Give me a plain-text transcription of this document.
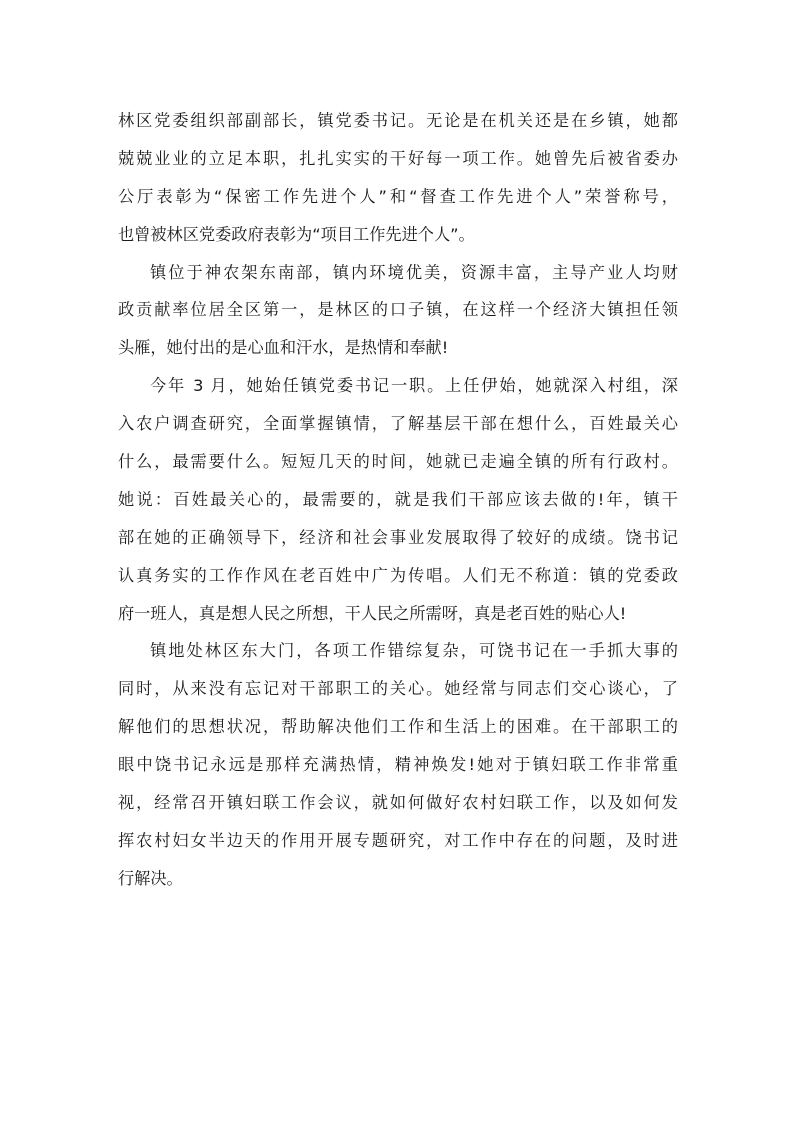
林区党委组织部副部长，镇党委书记。无论是在机关还是在乡镇，她都
兢兢业业的立足本职，扎扎实实的干好每一项工作。她曾先后被省委办
公厅表彰为“保密工作先进个人”和“督查工作先进个人”荣誉称号，
也曾被林区党委政府表彰为“项目工作先进个人”。
镇位于神农架东南部，镇内环境优美，资源丰富，主导产业人均财
政贡献率位居全区第一，是林区的口子镇，在这样一个经济大镇担任领
头雁，她付出的是心血和汗水，是热情和奉献!
今年 3 月，她始任镇党委书记一职。上任伊始，她就深入村组，深
入农户调查研究，全面掌握镇情，了解基层干部在想什么，百姓最关心
什么，最需要什么。短短几天的时间，她就已走遍全镇的所有行政村。
她说：百姓最关心的，最需要的，就是我们干部应该去做的!年，镇干
部在她的正确领导下，经济和社会事业发展取得了较好的成绩。饶书记
认真务实的工作作风在老百姓中广为传唱。人们无不称道：镇的党委政
府一班人，真是想人民之所想，干人民之所需呀，真是老百姓的贴心人!
镇地处林区东大门，各项工作错综复杂，可饶书记在一手抓大事的
同时，从来没有忘记对干部职工的关心。她经常与同志们交心谈心，了
解他们的思想状况，帮助解决他们工作和生活上的困难。在干部职工的
眼中饶书记永远是那样充满热情，精神焕发!她对于镇妇联工作非常重
视，经常召开镇妇联工作会议，就如何做好农村妇联工作，以及如何发
挥农村妇女半边天的作用开展专题研究，对工作中存在的问题，及时进
行解决。
